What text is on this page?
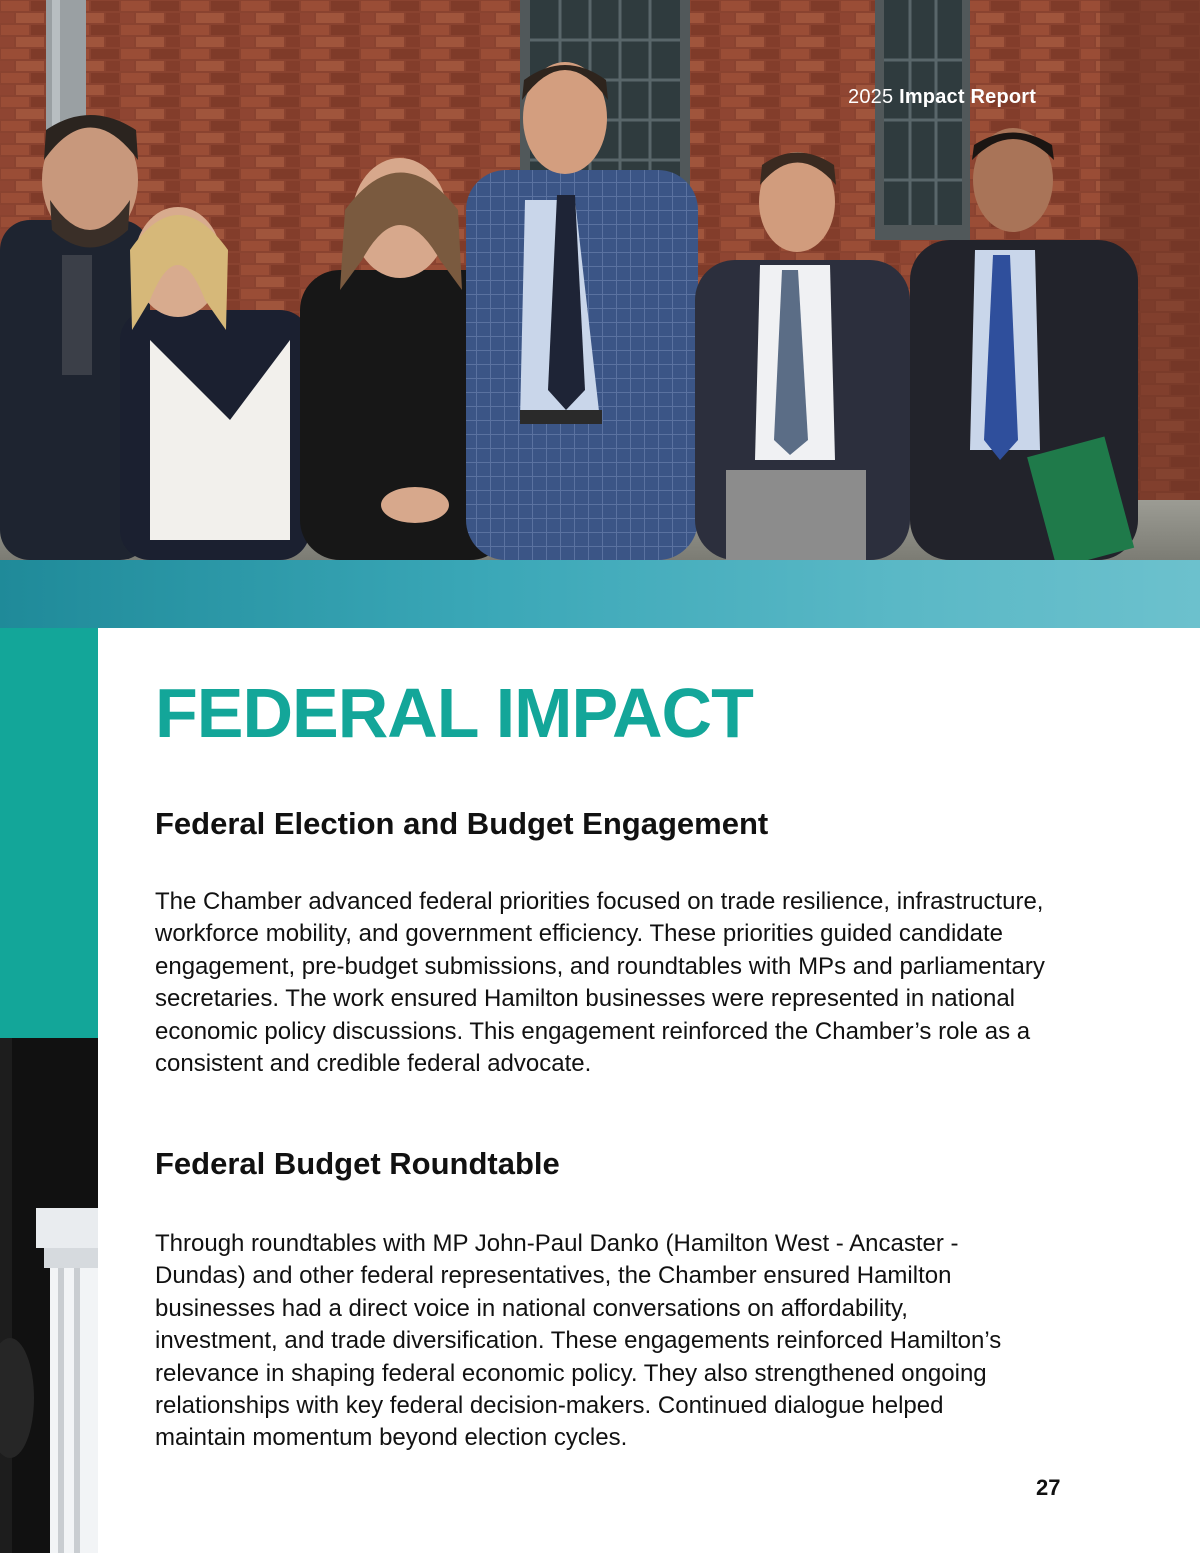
2025 Impact Report
FEDERAL IMPACT
Federal Election and Budget Engagement

The Chamber advanced federal priorities focused on trade resilience, infrastructure, workforce mobility, and government efficiency. These priorities guided candidate engagement, pre-budget submissions, and roundtables with MPs and parliamentary secretaries. The work ensured Hamilton businesses were represented in national economic policy discussions. This engagement reinforced the Chamber’s role as a consistent and credible federal advocate.

Federal Budget Roundtable

Through roundtables with MP John-Paul Danko (Hamilton West - Ancaster - Dundas) and other federal representatives, the Chamber ensured Hamilton businesses had a direct voice in national conversations on affordability, investment, and trade diversification. These engagements reinforced Hamilton’s relevance in shaping federal economic policy. They also strengthened ongoing relationships with key federal decision-makers. Continued dialogue helped maintain momentum beyond election cycles.

27
